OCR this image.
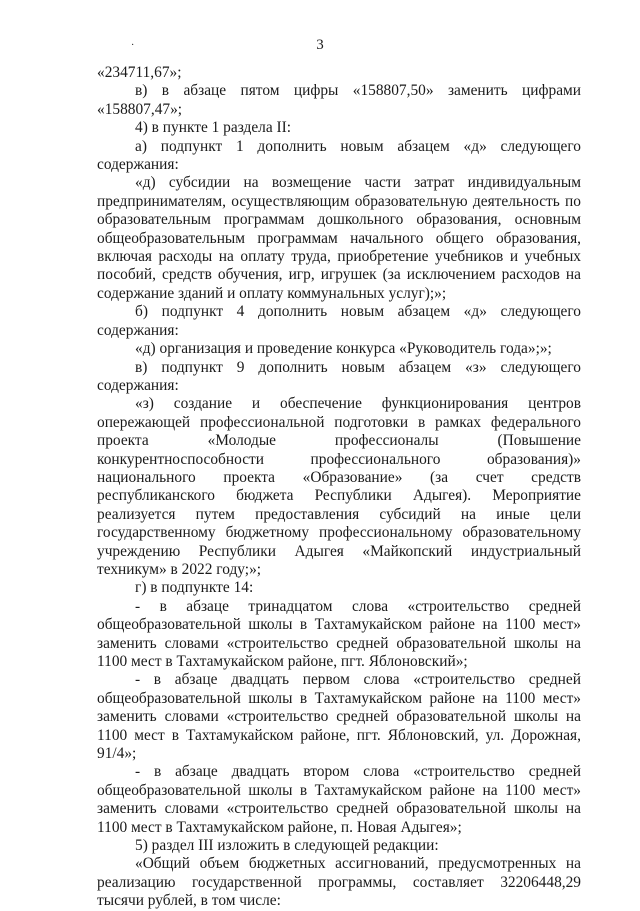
·	3

«234711,67»;

в) в абзаце пятом цифры «158807,50» заменить цифрами «158807,47»;

4) в пункте 1 раздела II:

а) подпункт 1 дополнить новым абзацем «д» следующего содержания:

«д) субсидии на возмещение части затрат индивидуальным предпринимателям, осуществляющим образовательную деятельность по образовательным программам дошкольного образования, основным общеобразовательным программам начального общего образования, включая расходы на оплату труда, приобретение учебников и учебных пособий, средств обучения, игр, игрушек (за исключением расходов на содержание зданий и оплату коммунальных услуг);»;

б) подпункт 4 дополнить новым абзацем «д» следующего содержания:

«д) организация и проведение конкурса «Руководитель года»;»;

в) подпункт 9 дополнить новым абзацем «з» следующего содержания:

«з) создание и обеспечение функционирования центров опережающей профессиональной подготовки в рамках федерального проекта «Молодые профессионалы (Повышение конкурентноспособности профессионального образования)» национального проекта «Образование» (за счет средств республиканского бюджета Республики Адыгея). Мероприятие реализуется путем предоставления субсидий на иные цели государственному бюджетному профессиональному образовательному учреждению Республики Адыгея «Майкопский индустриальный техникум» в 2022 году;»;

г) в подпункте 14:

- в абзаце тринадцатом слова «строительство средней общеобразовательной школы в Тахтамукайском районе на 1100 мест» заменить словами «строительство средней образовательной школы на 1100 мест в Тахтамукайском районе, пгт. Яблоновский»;

- в абзаце двадцать первом слова «строительство средней общеобразовательной школы в Тахтамукайском районе на 1100 мест» заменить словами «строительство средней образовательной школы на 1100 мест в Тахтамукайском районе, пгт. Яблоновский, ул. Дорожная, 91/4»;

- в абзаце двадцать втором слова «строительство средней общеобразовательной школы в Тахтамукайском районе на 1100 мест» заменить словами «строительство средней образовательной школы на 1100 мест в Тахтамукайском районе, п. Новая Адыгея»;

5) раздел III изложить в следующей редакции:

«Общий объем бюджетных ассигнований, предусмотренных на реализацию государственной программы, составляет 32206448,29 тысячи рублей, в том числе:
